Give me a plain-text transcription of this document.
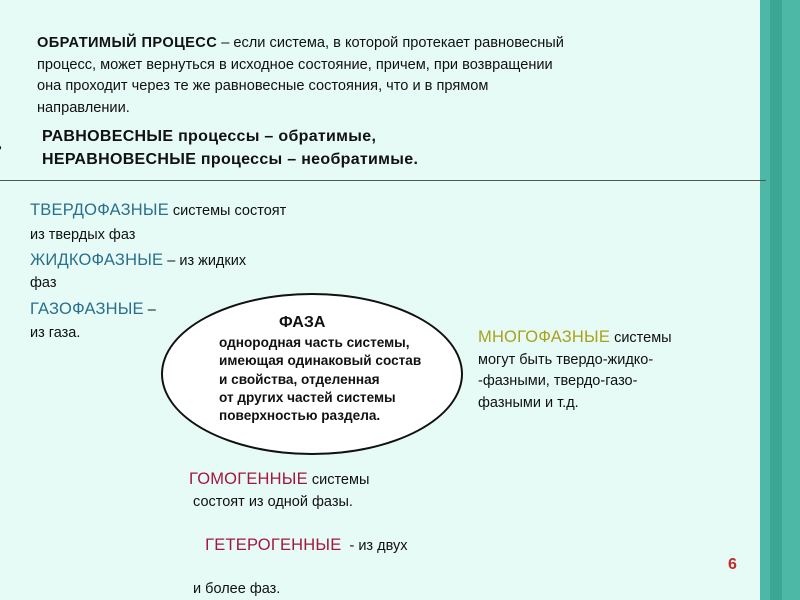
ОБРАТИМЫЙ ПРОЦЕСС – если система, в которой протекает равновесный
процесс, может вернуться в исходное состояние, причем, при возвращении
она проходит через те же равновесные состояния, что и в прямом
направлении.
РАВНОВЕСНЫЕ процессы – обратимые,
НЕРАВНОВЕСНЫЕ процессы – необратимые.
ТВЕРДОФАЗНЫЕ системы состоят
из твердых фаз
ЖИДКОФАЗНЫЕ – из жидких
фаз
ГАЗОФАЗНЫЕ –
из газа.
ФАЗА
однородная часть системы,
имеющая одинаковый состав
и свойства, отделенная
от других частей системы
поверхностью раздела.
МНОГОФАЗНЫЕ системы
могут быть твердо-жидко-
-фазными, твердо-газо-
фазными и т.д.
ГОМОГЕННЫЕ системы
состоят из одной фазы.

ГЕТЕРОГЕННЫЕ  - из двух

и более фаз.
6
